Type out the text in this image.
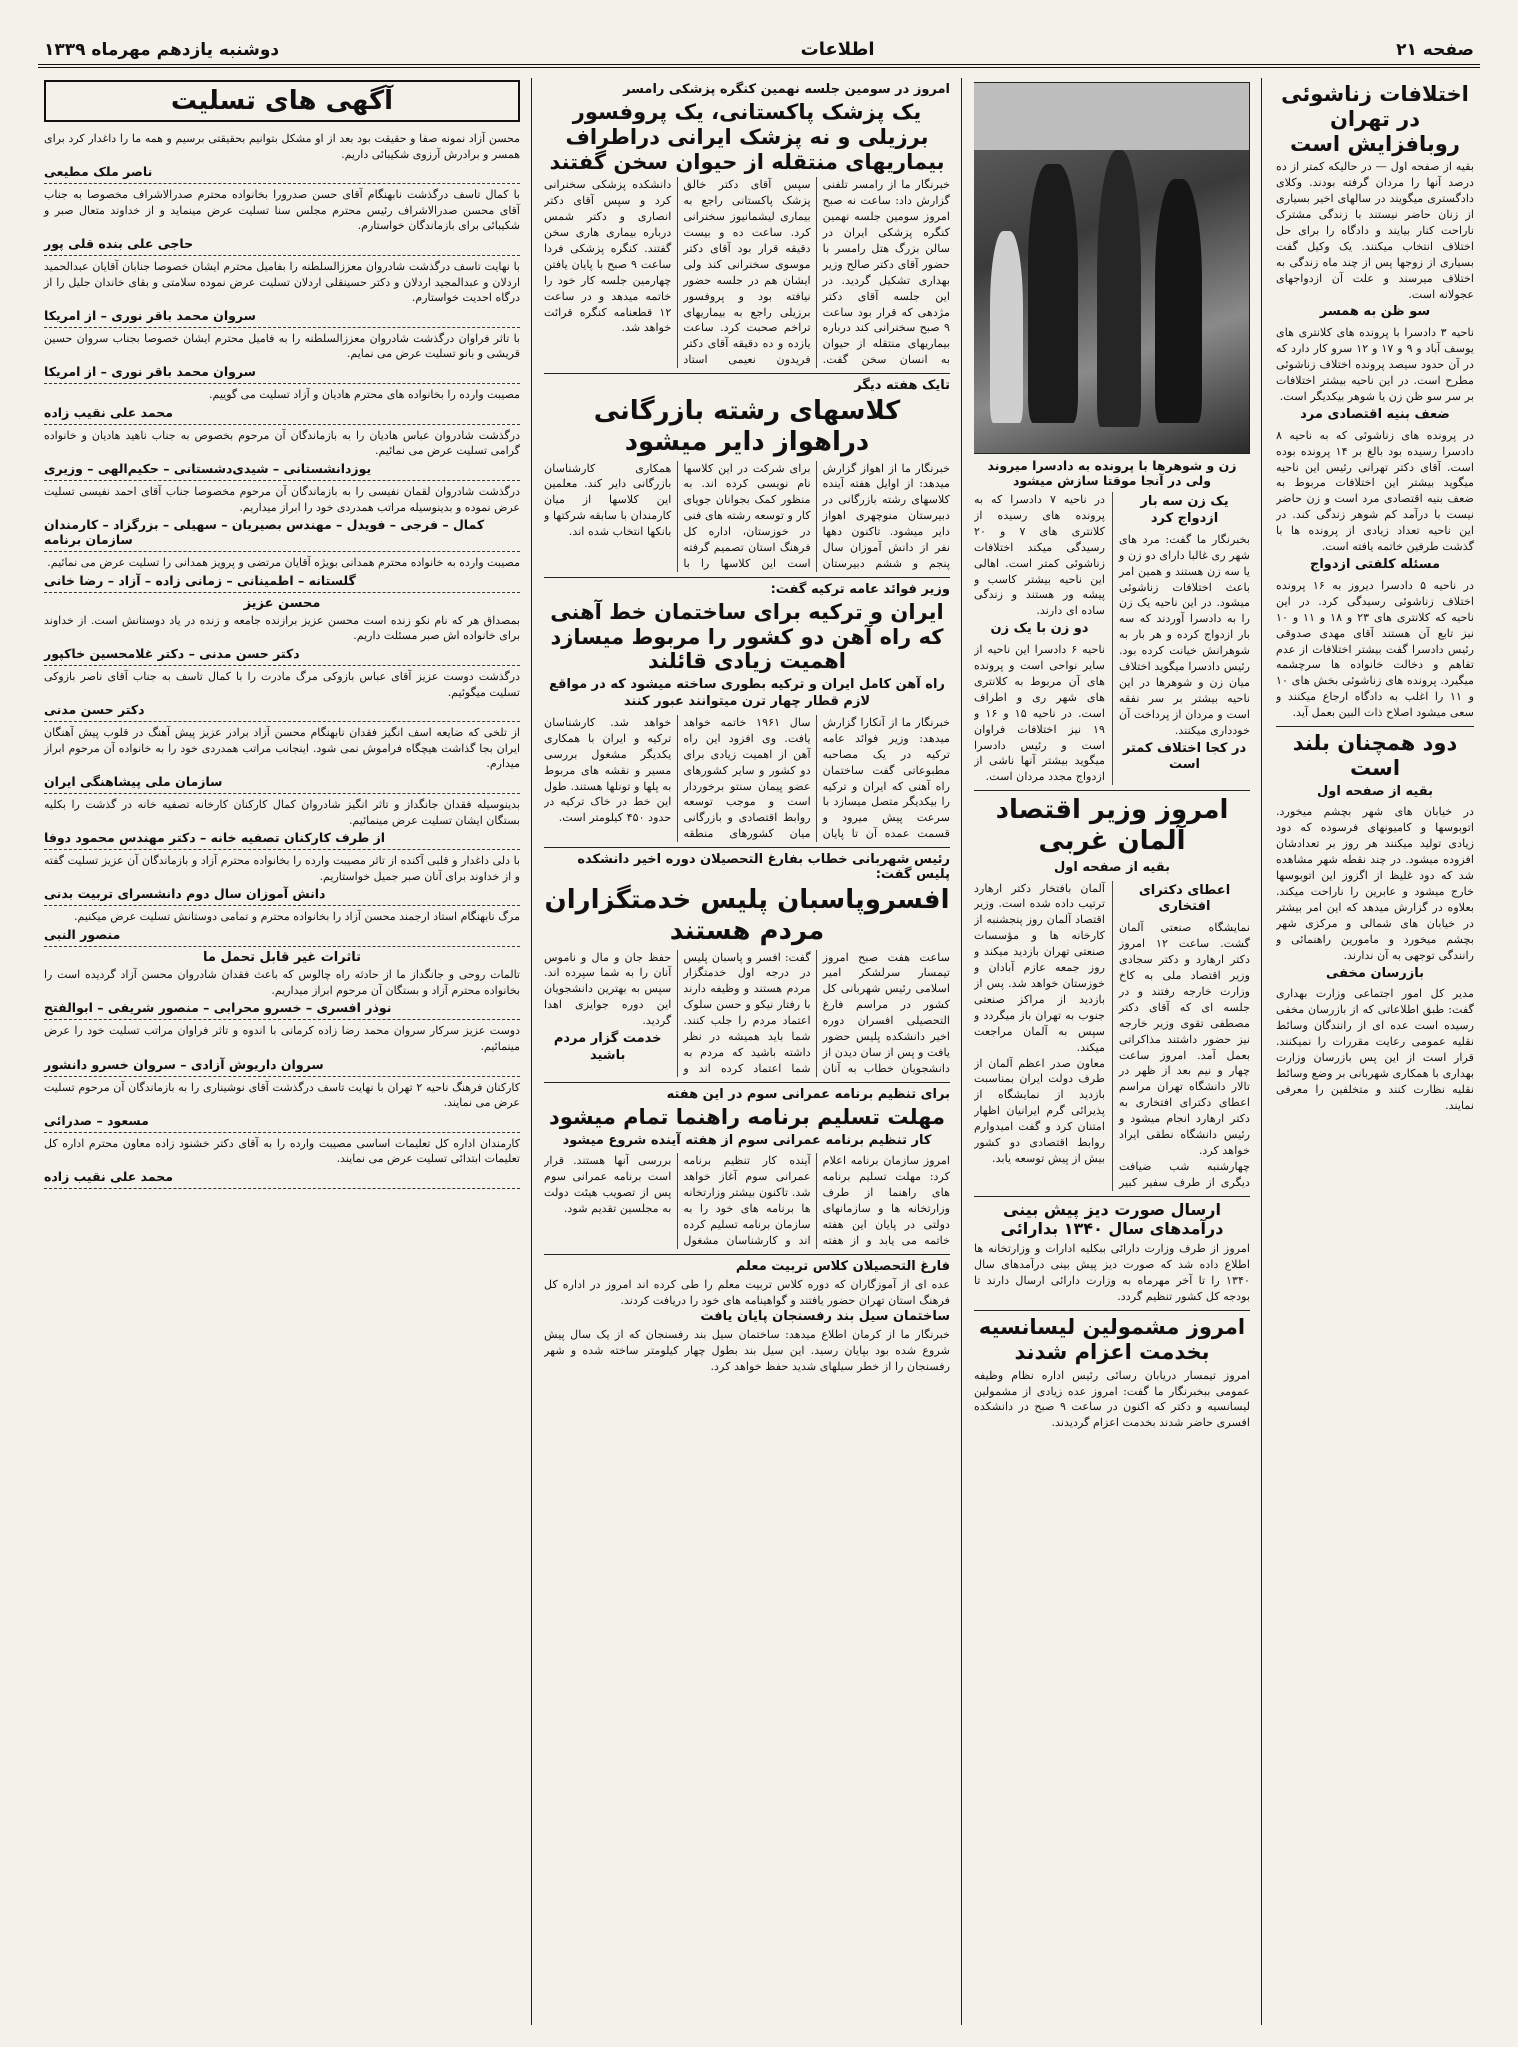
صفحه ۲۱
اطلاعات
دوشنبه یازدهم مهرماه ۱۳۳۹
اختلافات زناشوئی در تهران روبافزایش است

بقیه از صفحه اول — در حالیکه کمتر از ده درصد آنها را مردان گرفته بودند. وکلای دادگستری میگویند در سالهای اخیر بسیاری از زنان حاضر نیستند با زندگی مشترک ناراحت کنار بیایند و دادگاه را برای حل اختلاف انتخاب میکنند. یک وکیل گفت بسیاری از زوجها پس از چند ماه زندگی به اختلاف میرسند و علت آن ازدواجهای عجولانه است.

سو ظن به همسر

ناحیه ۳ دادسرا با پرونده های کلانتری های یوسف آباد و ۹ و ۱۷ و ۱۲ سرو کار دارد که در آن حدود سیصد پرونده اختلاف زناشوئی مطرح است. در این ناحیه بیشتر اختلافات بر سر سو ظن زن یا شوهر بیکدیگر است.

ضعف بنیه اقتصادی مرد

در پرونده های زناشوئی که به ناحیه ۸ دادسرا رسیده بود بالغ بر ۱۴ پرونده بوده است. آقای دکتر تهرانی رئیس این ناحیه میگوید بیشتر این اختلافات مربوط به ضعف بنیه اقتصادی مرد است و زن حاضر نیست با درآمد کم شوهر زندگی کند. در این ناحیه تعداد زیادی از پرونده ها با گذشت طرفین خاتمه یافته است.

مسئله کلفتی ازدواج

در ناحیه ۵ دادسرا دیروز به ۱۶ پرونده اختلاف زناشوئی رسیدگی کرد. در این ناحیه که کلانتری های ۲۳ و ۱۸ و ۱۱ و ۱۰ نیز تابع آن هستند آقای مهدی صدوقی رئیس دادسرا گفت بیشتر اختلافات از عدم تفاهم و دخالت خانواده ها سرچشمه میگیرد. پرونده های زناشوئی بخش های ۱۰ و ۱۱ را اغلب به دادگاه ارجاع میکنند و سعی میشود اصلاح ذات البین بعمل آید.

دود همچنان بلند است
بقیه از صفحه اول

در خیابان های شهر بچشم میخورد. اتوبوسها و کامیونهای فرسوده که دود زیادی تولید میکنند هر روز بر تعدادشان افزوده میشود. در چند نقطه شهر مشاهده شد که دود غلیظ از اگزوز این اتوبوسها خارج میشود و عابرین را ناراحت میکند. بعلاوه در گزارش میدهد که این امر بیشتر در خیابان های شمالی و مرکزی شهر بچشم میخورد و مامورین راهنمائی و رانندگی توجهی به آن ندارند.

بازرسان مخفی

مدیر کل امور اجتماعی وزارت بهداری گفت: طبق اطلاعاتی که از بازرسان مخفی رسیده است عده ای از رانندگان وسائط نقلیه عمومی رعایت مقررات را نمیکنند. قرار است از این پس بازرسان وزارت بهداری با همکاری شهربانی بر وضع وسائط نقلیه نظارت کنند و متخلفین را معرفی نمایند.

زن و شوهرها با پرونده به دادسرا میروند ولی در آنجا موقتا سازش میشود
یک زن سه بار ازدواج کرد

بخبرنگار ما گفت: مرد های شهر ری غالبا دارای دو زن و یا سه زن هستند و همین امر باعث اختلافات زناشوئی میشود. در این ناحیه یک زن را به دادسرا آوردند که سه بار ازدواج کرده و هر بار به شوهرانش خیانت کرده بود. رئیس دادسرا میگوید اختلاف میان زن و شوهرها در این ناحیه بیشتر بر سر نفقه است و مردان از پرداخت آن خودداری میکنند.

در کجا اختلاف کمتر است

در ناحیه ۷ دادسرا که به پرونده های رسیده از کلانتری های ۷ و ۲۰ رسیدگی میکند اختلافات زناشوئی کمتر است. اهالی این ناحیه بیشتر کاسب و پیشه ور هستند و زندگی ساده ای دارند.

دو زن با یک زن

ناحیه ۶ دادسرا این ناحیه از سایر نواحی است و پرونده های آن مربوط به کلانتری های شهر ری و اطراف است. در ناحیه ۱۵ و ۱۶ و ۱۹ نیز اختلافات فراوان است و رئیس دادسرا میگوید بیشتر آنها ناشی از ازدواج مجدد مردان است.

امروز وزیر اقتصاد آلمان غربی
بقیه از صفحه اول
اعطای دکترای افتخاری

نمایشگاه صنعتی آلمان گشت. ساعت ۱۲ امروز دکتر ارهارد و دکتر سجادی وزیر اقتصاد ملی به کاخ وزارت خارجه رفتند و در جلسه ای که آقای دکتر مصطفی تقوی وزیر خارجه نیز حضور داشتند مذاکراتی بعمل آمد. امروز ساعت چهار و نیم بعد از ظهر در تالار دانشگاه تهران مراسم اعطای دکترای افتخاری به دکتر ارهارد انجام میشود و رئیس دانشگاه نطقی ایراد خواهد کرد.

چهارشنبه شب ضیافت دیگری از طرف سفیر کبیر آلمان بافتخار دکتر ارهارد ترتیب داده شده است. وزیر اقتصاد آلمان روز پنجشنبه از کارخانه ها و مؤسسات صنعتی تهران بازدید میکند و روز جمعه عازم آبادان و خوزستان خواهد شد. پس از بازدید از مراکز صنعتی جنوب به تهران باز میگردد و سپس به آلمان مراجعت میکند.

معاون صدر اعظم آلمان از طرف دولت ایران بمناسبت بازدید از نمایشگاه از پذیرائی گرم ایرانیان اظهار امتنان کرد و گفت امیدوارم روابط اقتصادی دو کشور بیش از پیش توسعه یابد.

ارسال صورت دیز پیش بینی درآمدهای سال ۱۳۴۰ بدارائی

امروز از طرف وزارت دارائی ببکلیه ادارات و وزارتخانه ها اطلاع داده شد که صورت دیز پیش بینی درآمدهای سال ۱۳۴۰ را تا آخر مهرماه به وزارت دارائی ارسال دارند تا بودجه کل کشور تنظیم گردد.

امروز مشمولین لیسانسیه بخدمت اعزام شدند

امروز تیمسار دریابان رسائی رئیس اداره نظام وظیفه عمومی ببخبرنگار ما گفت: امروز عده زیادی از مشمولین لیسانسیه و دکتر که اکنون در ساعت ۹ صبح در دانشکده افسری حاضر شدند بخدمت اعزام گردیدند.

امروز در سومین جلسه نهمین کنگره پزشکی رامسر
یک پزشک پاکستانی، یک پروفسور برزیلی و نه پزشک ایرانی دراطراف بیماریهای منتقله از حیوان سخن گفتند

خبرنگار ما از رامسر تلفنی گزارش داد: ساعت نه صبح امروز سومین جلسه نهمین کنگره پزشکی ایران در سالن بزرگ هتل رامسر با حضور آقای دکتر صالح وزیر بهداری تشکیل گردید. در این جلسه آقای دکتر مژدهی که قرار بود ساعت ۹ صبح سخنرانی کند درباره بیماریهای منتقله از حیوان به انسان سخن گفت. سپس آقای دکتر خالق پزشک پاکستانی راجع به بیماری لیشمانیوز سخنرانی کرد. ساعت ده و بیست دقیقه قرار بود آقای دکتر موسوی سخنرانی کند ولی ایشان هم در جلسه حضور نیافته بود و پروفسور برزیلی راجع به بیماریهای تراخم صحبت کرد. ساعت یازده و ده دقیقه آقای دکتر فریدون نعیمی استاد دانشکده پزشکی سخنرانی کرد و سپس آقای دکتر انصاری و دکتر شمس درباره بیماری هاری سخن گفتند. کنگره پزشکی فردا ساعت ۹ صبح با پایان یافتن چهارمین جلسه کار خود را خاتمه میدهد و در ساعت ۱۲ قطعنامه کنگره قرائت خواهد شد.

تایک هفته دیگر
کلاسهای رشته بازرگانی دراهواز دایر میشود

خبرنگار ما از اهواز گزارش میدهد: از اوایل هفته آینده کلاسهای رشته بازرگانی در دبیرستان منوچهری اهواز دایر میشود. تاکنون دهها نفر از دانش آموزان سال پنجم و ششم دبیرستان برای شرکت در این کلاسها نام نویسی کرده اند. به منظور کمک بجوانان جویای کار و توسعه رشته های فنی در خوزستان، اداره کل فرهنگ استان تصمیم گرفته است این کلاسها را با همکاری کارشناسان بازرگانی دایر کند. معلمین این کلاسها از میان کارمندان با سابقه شرکتها و بانکها انتخاب شده اند.

وزیر فوائد عامه ترکیه گفت:
ایران و ترکیه برای ساختمان خط آهنی که راه آهن دو کشور را مربوط میسازد اهمیت زیادی قائلند
راه آهن کامل ایران و ترکیه بطوری ساخته میشود که در مواقع لازم قطار چهار ترن میتوانند عبور کنند

خبرنگار ما از آنکارا گزارش میدهد: وزیر فوائد عامه ترکیه در یک مصاحبه مطبوعاتی گفت ساختمان راه آهنی که ایران و ترکیه را بیکدیگر متصل میسازد با سرعت پیش میرود و قسمت عمده آن تا پایان سال ۱۹۶۱ خاتمه خواهد یافت. وی افزود این راه آهن از اهمیت زیادی برای دو کشور و سایر کشورهای عضو پیمان سنتو برخوردار است و موجب توسعه روابط اقتصادی و بازرگانی میان کشورهای منطقه خواهد شد. کارشناسان ترکیه و ایران با همکاری یکدیگر مشغول بررسی مسیر و نقشه های مربوط به پلها و تونلها هستند. طول این خط در خاک ترکیه در حدود ۴۵۰ کیلومتر است.

رئیس شهربانی خطاب بفارغ التحصیلان دوره اخیر دانشکده پلیس گفت:
افسروپاسبان پلیس خدمتگزاران مردم هستند

ساعت هفت صبح امروز تیمسار سرلشکر امیر اسلامی رئیس شهربانی کل کشور در مراسم فارغ التحصیلی افسران دوره اخیر دانشکده پلیس حضور یافت و پس از سان دیدن از دانشجویان خطاب به آنان گفت: افسر و پاسبان پلیس در درجه اول خدمتگزار مردم هستند و وظیفه دارند با رفتار نیکو و حسن سلوک اعتماد مردم را جلب کنند. شما باید همیشه در نظر داشته باشید که مردم به شما اعتماد کرده اند و حفظ جان و مال و ناموس آنان را به شما سپرده اند. سپس به بهترین دانشجویان این دوره جوایزی اهدا گردید.

خدمت گزار مردم باشید
برای تنظیم برنامه عمرانی سوم در این هفته
مهلت تسلیم برنامه راهنما تمام میشود
کار تنظیم برنامه عمرانی سوم از هفته آینده شروع میشود

امروز سازمان برنامه اعلام کرد: مهلت تسلیم برنامه های راهنما از طرف وزارتخانه ها و سازمانهای دولتی در پایان این هفته خاتمه می یابد و از هفته آینده کار تنظیم برنامه عمرانی سوم آغاز خواهد شد. تاکنون بیشتر وزارتخانه ها برنامه های خود را به سازمان برنامه تسلیم کرده اند و کارشناسان مشغول بررسی آنها هستند. قرار است برنامه عمرانی سوم پس از تصویب هیئت دولت به مجلسین تقدیم شود.

فارغ التحصیلان کلاس تربیت معلم

عده ای از آموزگاران که دوره کلاس تربیت معلم را طی کرده اند امروز در اداره کل فرهنگ استان تهران حضور یافتند و گواهینامه های خود را دریافت کردند.

ساختمان سیل بند رفسنجان پایان یافت

خبرنگار ما از کرمان اطلاع میدهد: ساختمان سیل بند رفسنجان که از یک سال پیش شروع شده بود بپایان رسید. این سیل بند بطول چهار کیلومتر ساخته شده و شهر رفسنجان را از خطر سیلهای شدید حفظ خواهد کرد.

آگهی های تسلیت

محسن آزاد نمونه صفا و حقیقت بود بعد از او مشکل بتوانیم بحقیقتی برسیم و همه ما را داغدار کرد برای همسر و برادرش آرزوی شکیبائی داریم.

ناصر ملک مطیعی

با کمال تاسف درگذشت نابهنگام آقای حسن صدرورا بخانواده محترم صدرالاشراف مخصوصا به جناب آقای محسن صدرالاشراف رئیس محترم مجلس سنا تسلیت عرض مینماید و از خداوند متعال صبر و شکیبائی برای بازماندگان خواستارم.

حاجی علی بنده قلی پور

با نهایت تاسف درگذشت شادروان معززالسلطنه را بفامیل محترم ایشان خصوصا جنابان آقایان عبدالحمید اردلان و عبدالمجید اردلان و دکتر حسینقلی اردلان تسلیت عرض نموده سلامتی و بقای خاندان جلیل را از درگاه احدیت خواستارم.

سروان محمد باقر نوری – از امریکا

با تاثر فراوان درگذشت شادروان معززالسلطنه را به فامیل محترم ایشان خصوصا بجناب سروان حسین قریشی و بانو تسلیت عرض می نمایم.

سروان محمد باقر نوری – از امریکا

مصیبت وارده را بخانواده های محترم هادیان و آزاد تسلیت می گوییم.

محمد علی نقیب زاده

درگذشت شادروان عباس هادیان را به بازماندگان آن مرحوم بخصوص به جناب ناهید هادیان و خانواده گرامی تسلیت عرض می نمائیم.

یوزدانشستانی – شیدی‌دشستانی – حکیم‌الهی – وزیری

درگذشت شادروان لقمان نفیسی را به بازماندگان آن مرحوم مخصوصا جناب آقای احمد نفیسی تسلیت عرض نموده و بدینوسیله مراتب همدردی خود را ابراز میداریم.

کمال – فرجی – فویدل – مهندس بصیریان – سهیلی – بزرگزاد – کارمندان سازمان برنامه

مصیبت وارده به خانواده محترم همدانی بویژه آقایان مرتضی و پرویز همدانی را تسلیت عرض می نمائیم.

گلستانه – اطمینانی – زمانی زاده – آزاد – رضا خانی
محسن عزیز

بمصداق هر که نام نکو زنده است محسن عزیز برازنده جامعه و زنده در یاد دوستانش است. از خداوند برای خانواده اش صبر مسئلت داریم.

دکتر حسن مدنی – دکتر غلامحسین خاکپور

درگذشت دوست عزیز آقای عباس بازوکی مرگ مادرت را با کمال تاسف به جناب آقای ناصر بازوکی تسلیت میگوئیم.

دکتر حسن مدنی

از تلخی که ضایعه اسف انگیز فقدان نابهنگام محسن آزاد برادر عزیز پیش آهنگ در قلوب پیش آهنگان ایران بجا گذاشت هیچگاه فراموش نمی شود. اینجانب مراتب همدردی خود را به خانواده آن مرحوم ابراز میدارم.

سازمان ملی پیشاهنگی ایران

بدینوسیله فقدان جانگداز و تاثر انگیز شادروان کمال کارکنان کارخانه تصفیه خانه در گذشت را بکلیه بستگان ایشان تسلیت عرض مینمائیم.

از طرف کارکنان تصفیه خانه – دکتر مهندس محمود دوفا

با دلی داغدار و قلبی آکنده از تاثر مصیبت وارده را بخانواده محترم آزاد و بازماندگان آن عزیز تسلیت گفته و از خداوند برای آنان صبر جمیل خواستاریم.

دانش آموزان سال دوم دانشسرای تربیت بدنی

مرگ نابهنگام استاد ارجمند محسن آزاد را بخانواده محترم و تمامی دوستانش تسلیت عرض میکنیم.

منصور النبی
تاثرات غیر قابل تحمل ما

تالمات روحی و جانگداز ما از حادثه راه چالوس که باعث فقدان شادروان محسن آزاد گردیده است را بخانواده محترم آزاد و بستگان آن مرحوم ابراز میداریم.

نوذر افسری – خسرو محرابی – منصور شریفی – ابوالفتح

دوست عزیز سرکار سروان محمد رضا زاده کرمانی با اندوه و تاثر فراوان مراتب تسلیت خود را عرض مینمائیم.

سروان داریوش آزادی – سروان خسرو دانشور

کارکنان فرهنگ ناحیه ۲ تهران با نهایت تاسف درگذشت آقای نوشیناری را به بازماندگان آن مرحوم تسلیت عرض می نمایند.

مسعود – صدرائی

کارمندان اداره کل تعلیمات اساسی مصیبت وارده را به آقای دکتر خشنود زاده معاون محترم اداره کل تعلیمات ابتدائی تسلیت عرض می نمایند.

محمد علی نقیب زاده
